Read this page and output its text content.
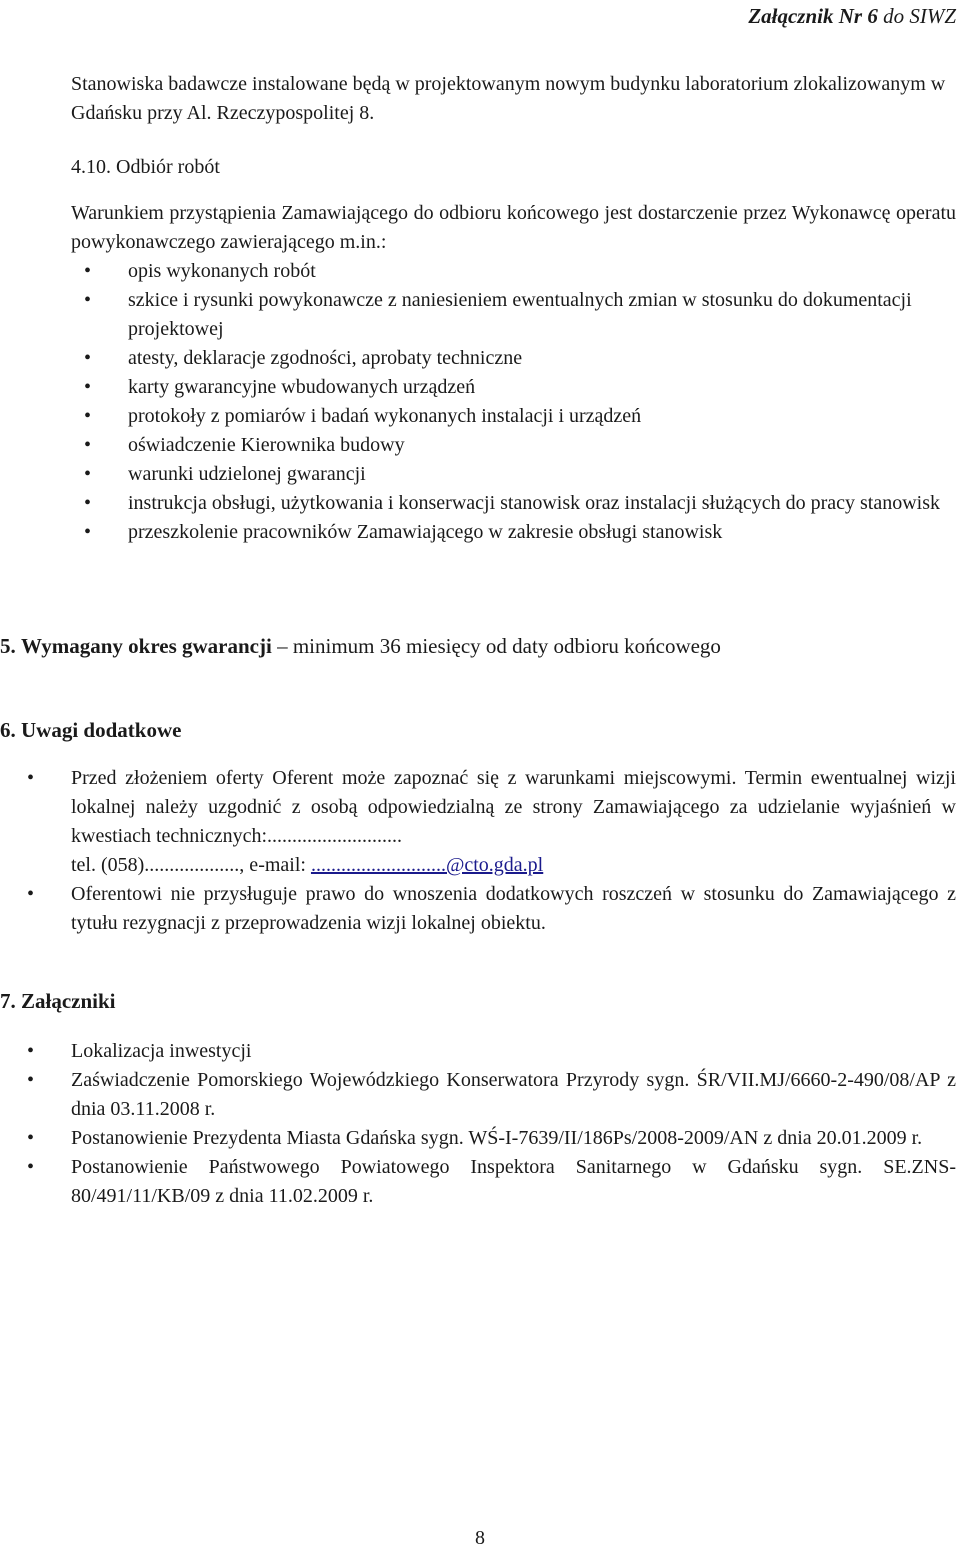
Załącznik Nr 6 do SIWZ
Stanowiska badawcze instalowane będą w projektowanym nowym budynku laboratorium zlokalizowanym w Gdańsku przy Al. Rzeczypospolitej 8.
4.10. Odbiór robót
Warunkiem przystąpienia Zamawiającego do odbioru końcowego jest dostarczenie przez Wykonawcę operatu powykonawczego zawierającego m.in.:
• opis wykonanych robót
• szkice i rysunki powykonawcze z naniesieniem ewentualnych zmian w stosunku do dokumentacji projektowej
• atesty, deklaracje zgodności, aprobaty techniczne
• karty gwarancyjne wbudowanych urządzeń
• protokoły z pomiarów i badań wykonanych instalacji i urządzeń
• oświadczenie Kierownika budowy
• warunki udzielonej gwarancji
• instrukcja obsługi, użytkowania i konserwacji stanowisk oraz instalacji służących do pracy stanowisk
• przeszkolenie pracowników Zamawiającego w zakresie obsługi stanowisk
5. Wymagany okres gwarancji – minimum 36 miesięcy od daty odbioru końcowego
6. Uwagi dodatkowe
• Przed złożeniem oferty Oferent może zapoznać się z warunkami miejscowymi. Termin ewentualnej wizji lokalnej należy uzgodnić z osobą odpowiedzialną ze strony Zamawiającego za udzielanie wyjaśnień w kwestiach technicznych:...........................
tel. (058)..................., e-mail: ...........................@cto.gda.pl
• Oferentowi nie przysługuje prawo do wnoszenia dodatkowych roszczeń w stosunku do Zamawiającego z tytułu rezygnacji z przeprowadzenia wizji lokalnej obiektu.
7. Załączniki
• Lokalizacja inwestycji
• Zaświadczenie Pomorskiego Wojewódzkiego Konserwatora Przyrody sygn. ŚR/VII.MJ/6660-2-490/08/AP z dnia 03.11.2008 r.
• Postanowienie Prezydenta Miasta Gdańska sygn. WŚ-I-7639/II/186Ps/2008-2009/AN z dnia 20.01.2009 r.
• Postanowienie Państwowego Powiatowego Inspektora Sanitarnego w Gdańsku sygn. SE.ZNS-80/491/11/KB/09 z dnia 11.02.2009 r.
8
